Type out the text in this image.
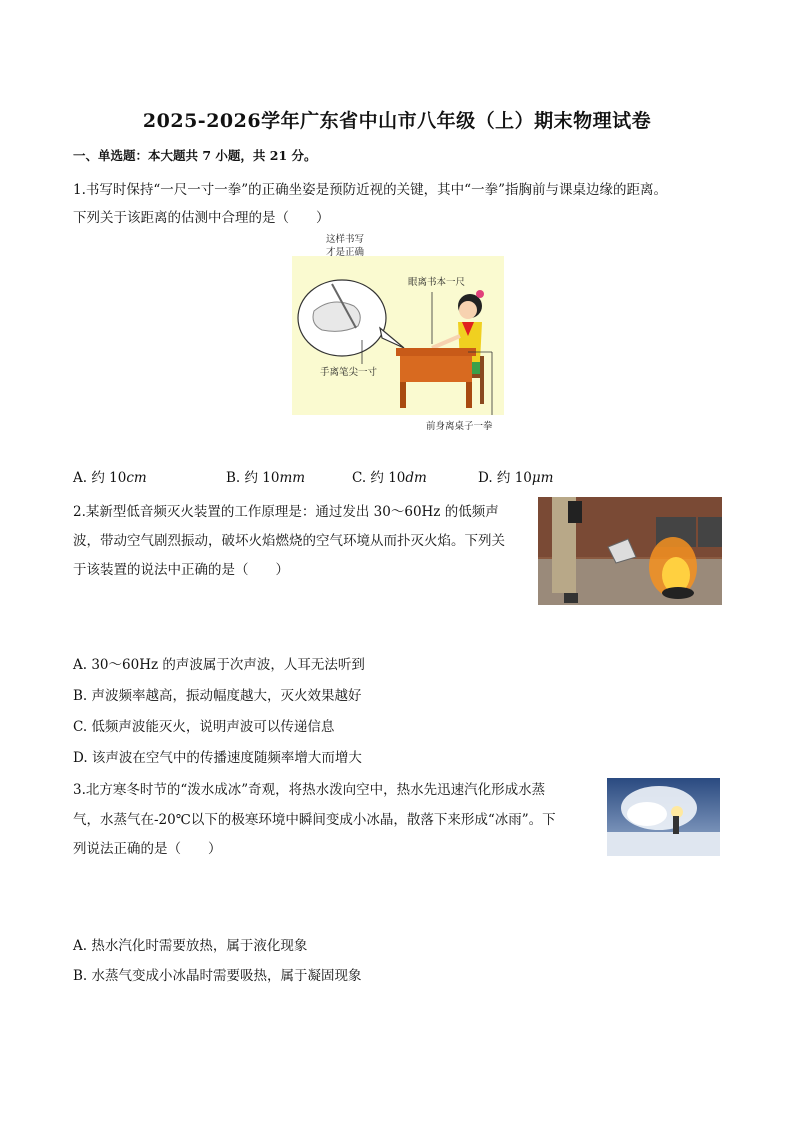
2025-2026学年广东省中山市八年级（上）期末物理试卷
一、单选题：本大题共 7 小题，共 21 分。
1.书写时保持“一尺一寸一拳”的正确坐姿是预防近视的关键，其中“一拳”指胸前与课桌边缘的距离。
下列关于该距离的估测中合理的是（　　）
这样书写
才是正确
眼离书本一尺
手离笔尖一寸
前身离桌子一拳
A. 约 10cm	B. 约 10mm	C. 约 10dm	D. 约 10μm
2.某新型低音频灭火装置的工作原理是：通过发出 30～60Hz 的低频声
波，带动空气剧烈振动，破坏火焰燃烧的空气环境从而扑灭火焰。下列关
于该装置的说法中正确的是（　　）
A. 30～60Hz 的声波属于次声波，人耳无法听到
B. 声波频率越高，振动幅度越大，灭火效果越好
C. 低频声波能灭火，说明声波可以传递信息
D. 该声波在空气中的传播速度随频率增大而增大
3.北方寒冬时节的“泼水成冰”奇观，将热水泼向空中，热水先迅速汽化形成水蒸
气，水蒸气在-20℃以下的极寒环境中瞬间变成小冰晶，散落下来形成“冰雨”。下
列说法正确的是（　　）
A. 热水汽化时需要放热，属于液化现象
B. 水蒸气变成小冰晶时需要吸热，属于凝固现象
